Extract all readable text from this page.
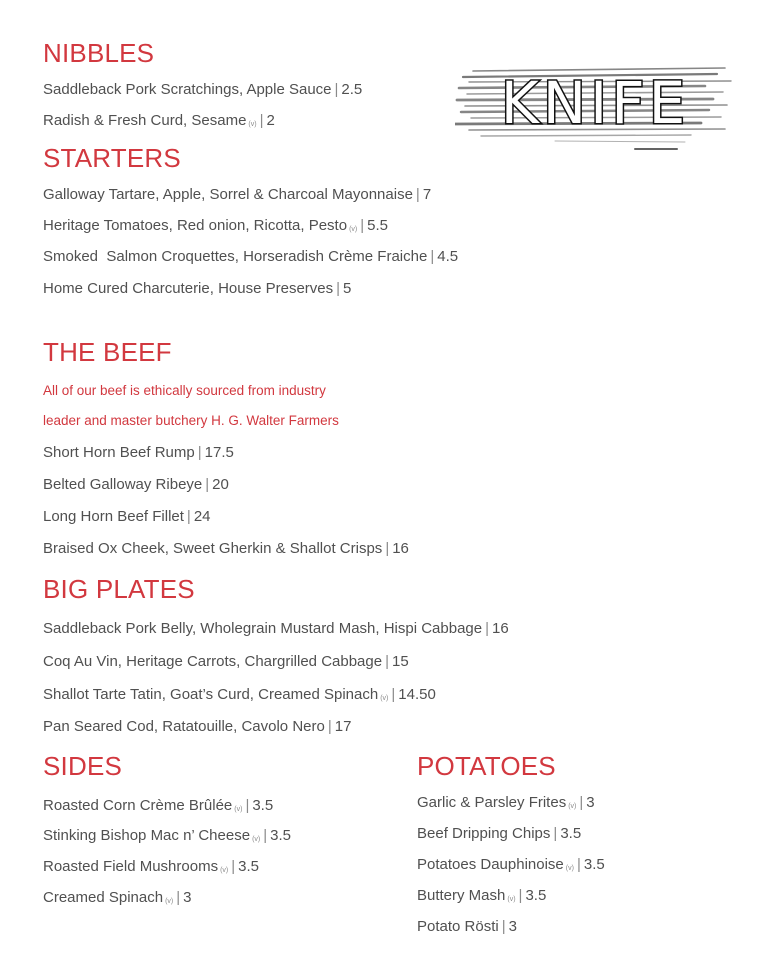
KNIFE
NIBBLES
Saddleback Pork Scratchings, Apple Sauce | 2.5
Radish & Fresh Curd, Sesame (v) | 2
STARTERS
Galloway Tartare, Apple, Sorrel & Charcoal Mayonnaise | 7
Heritage Tomatoes, Red onion, Ricotta, Pesto (v) | 5.5
Smoked  Salmon Croquettes, Horseradish Crème Fraiche | 4.5
Home Cured Charcuterie, House Preserves | 5
THE BEEF
All of our beef is ethically sourced from industry
leader and master butchery H. G. Walter Farmers
Short Horn Beef Rump | 17.5
Belted Galloway Ribeye | 20
Long Horn Beef Fillet | 24
Braised Ox Cheek, Sweet Gherkin & Shallot Crisps | 16
BIG PLATES
Saddleback Pork Belly, Wholegrain Mustard Mash, Hispi Cabbage | 16
Coq Au Vin, Heritage Carrots, Chargrilled Cabbage | 15
Shallot Tarte Tatin, Goat’s Curd, Creamed Spinach (v) | 14.50
Pan Seared Cod, Ratatouille, Cavolo Nero | 17
SIDES
Roasted Corn Crème Brûlée (v) | 3.5
Stinking Bishop Mac n’ Cheese (v) | 3.5
Roasted Field Mushrooms (v) | 3.5
Creamed Spinach (v) | 3
POTATOES
Garlic & Parsley Frites (v) | 3
Beef Dripping Chips | 3.5
Potatoes Dauphinoise (v) | 3.5
Buttery Mash (v) | 3.5
Potato Rösti | 3
